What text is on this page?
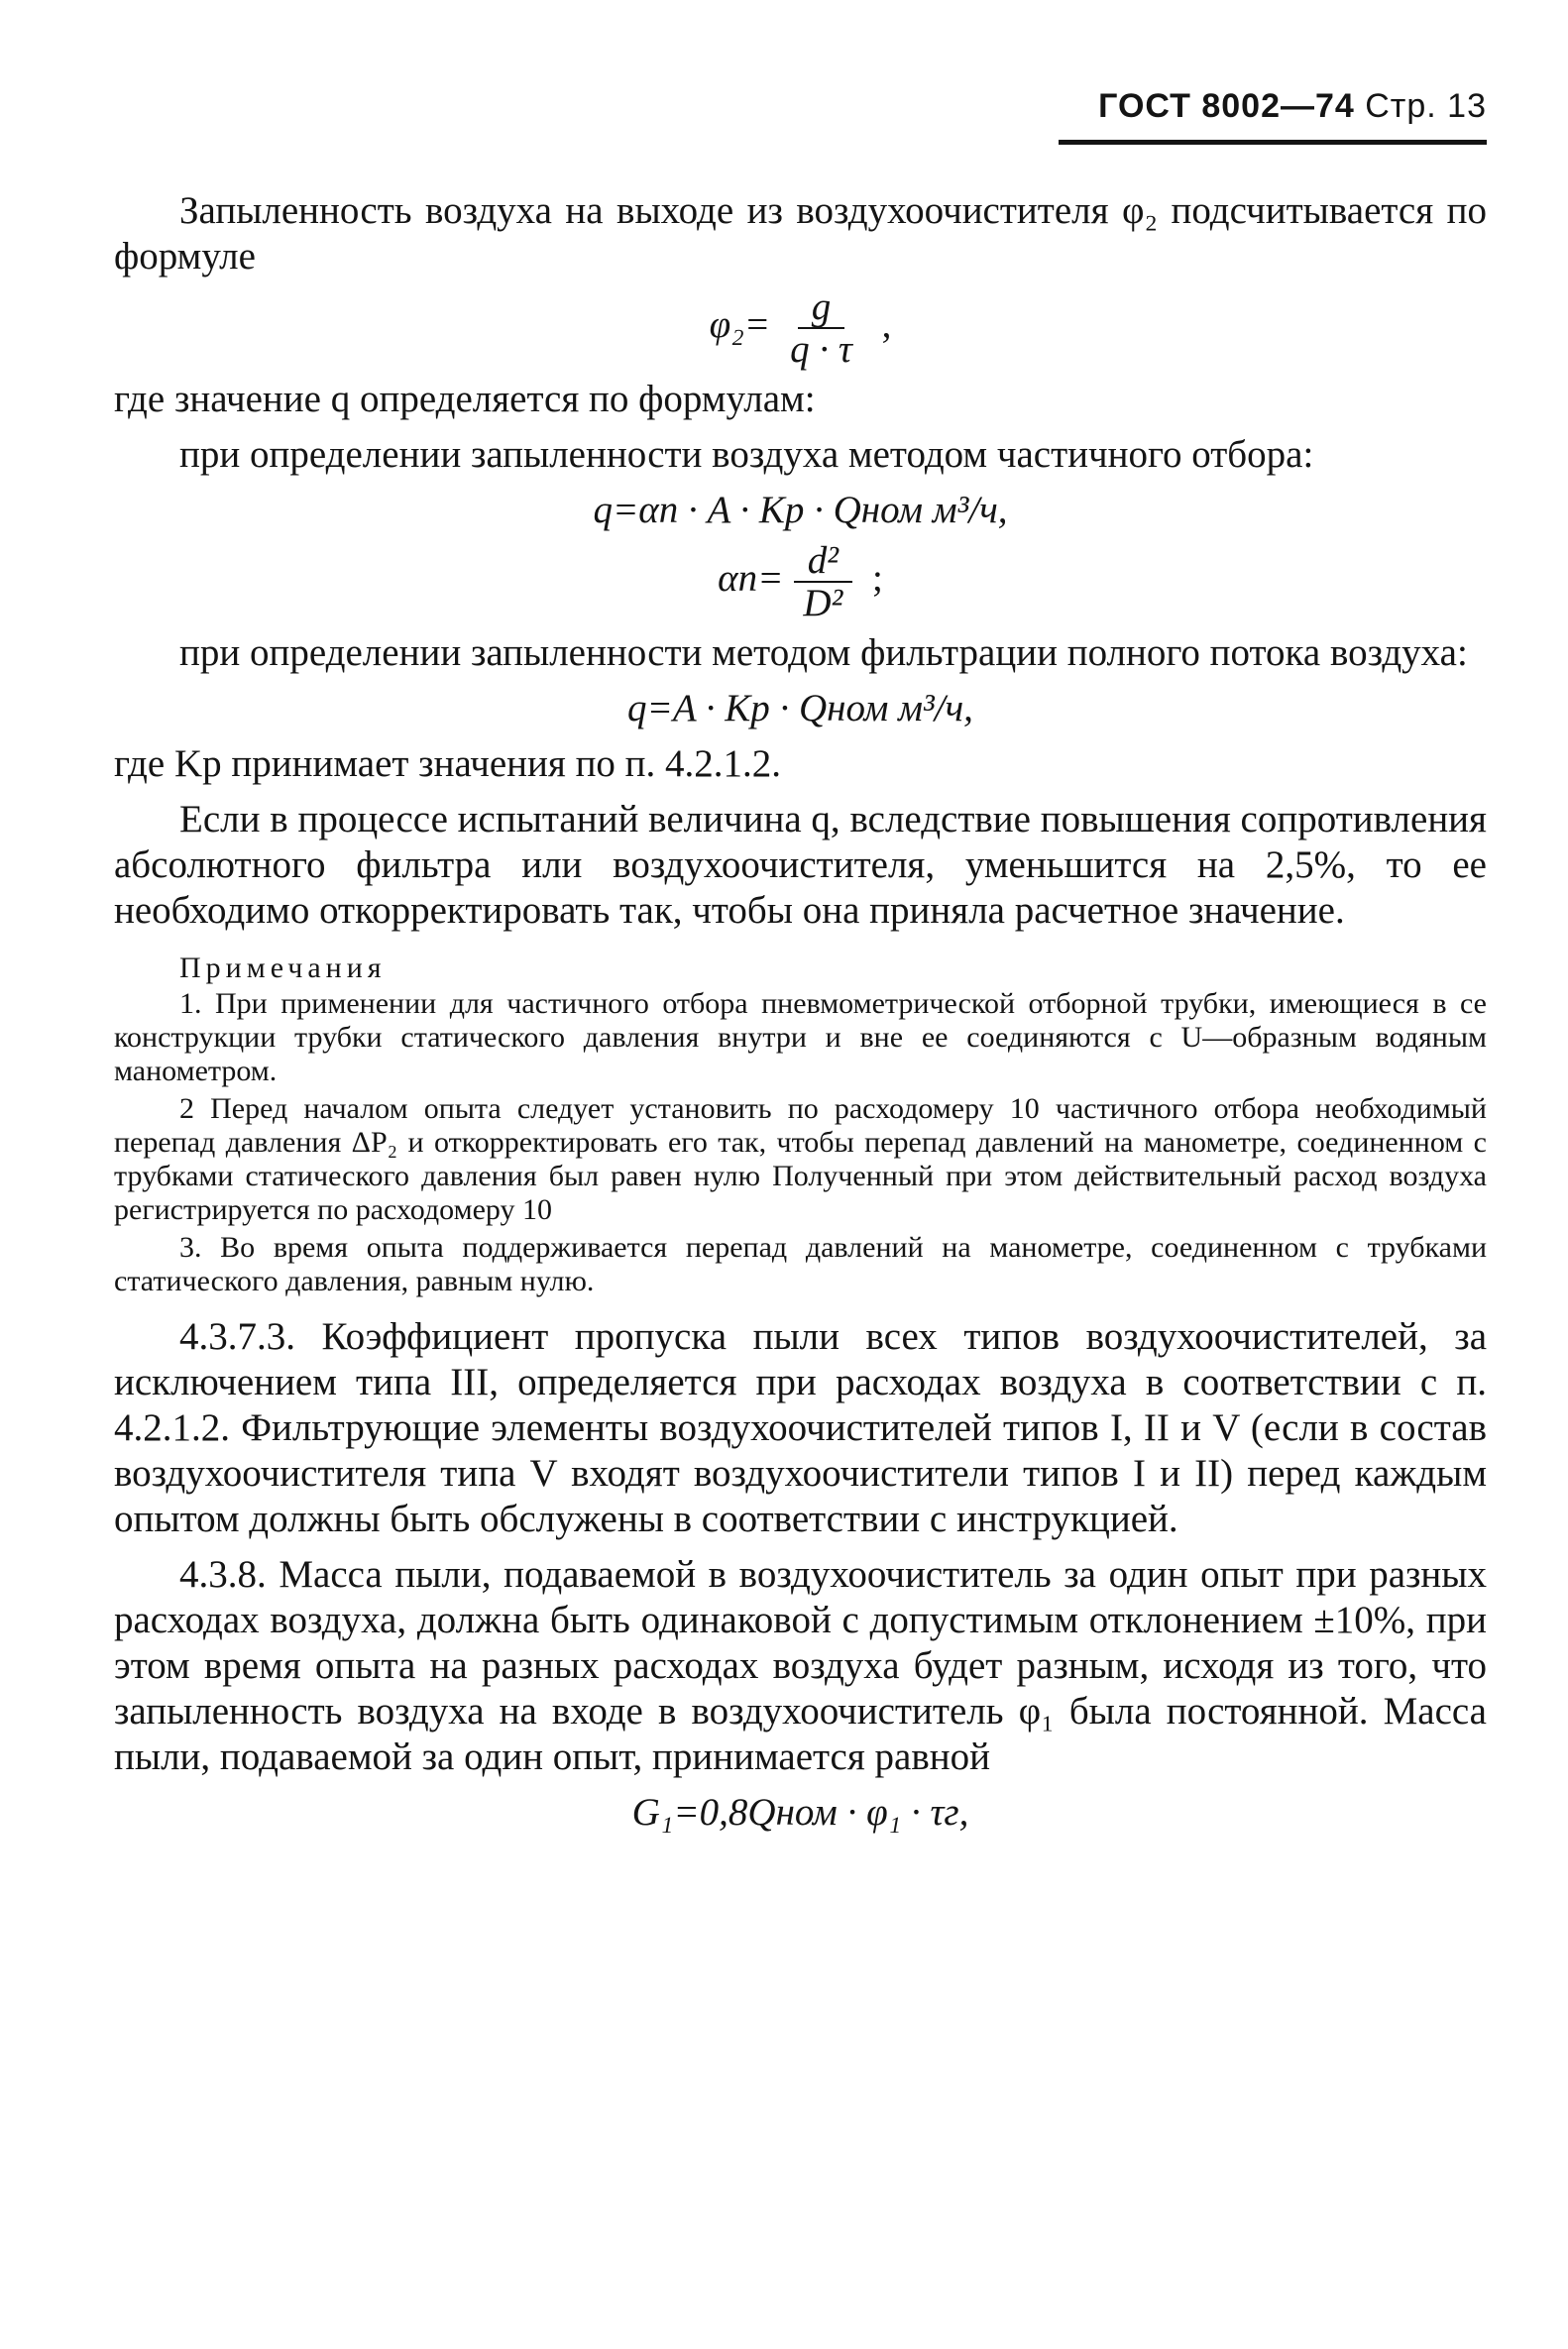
ГОСТ 8002—74 Стр. 13

Запыленность воздуха на выходе из воздухоочистителя φ₂ подсчитывается по формуле

$\varphi_2= \frac{g}{q \cdot \tau}$ ,

где значение q определяется по формулам:

при определении запыленности воздуха методом частичного отбора:

q=αп · A · Kр · Qном м³/ч,
$\alpha п= \frac{\text{d²}}{\text{D²}}$ ;

при определении запыленности методом фильтрации полного потока воздуха:

q=A · Kр · Qном м³/ч,

где Kр принимает значения по п. 4.2.1.2.

Если в процессе испытаний величина q, вследствие повышения сопротивления абсолютного фильтра или воздухоочистителя, уменьшится на 2,5%, то ее необходимо откорректировать так, чтобы она приняла расчетное значение.

Примечания

1. При применении для частичного отбора пневмометрической отборной трубки, имеющиеся в се конструкции трубки статического давления внутри и вне ее соединяются с U—образным водяным манометром.

2 Перед началом опыта следует установить по расходомеру 10 частичного отбора необходимый перепад давления ΔP₂ и откорректировать его так, чтобы перепад давлений на манометре, соединенном с трубками статического давления был равен нулю Полученный при этом действительный расход воздуха регистрируется по расходомеру 10

3. Во время опыта поддерживается перепад давлений на манометре, соединенном с трубками статического давления, равным нулю.

4.3.7.3. Коэффициент пропуска пыли всех типов воздухоочистителей, за исключением типа III, определяется при расходах воздуха в соответствии с п. 4.2.1.2. Фильтрующие элементы воздухоочистителей типов I, II и V (если в состав воздухоочистителя типа V входят воздухоочистители типов I и II) перед каждым опытом должны быть обслужены в соответствии с инструкцией.

4.3.8. Масса пыли, подаваемой в воздухоочиститель за один опыт при разных расходах воздуха, должна быть одинаковой с допустимым отклонением ±10%, при этом время опыта на разных расходах воздуха будет разным, исходя из того, что запыленность воздуха на входе в воздухоочиститель φ₁ была постоянной. Масса пыли, подаваемой за один опыт, принимается равной

G₁=0,8Qном · φ₁ · τг,
